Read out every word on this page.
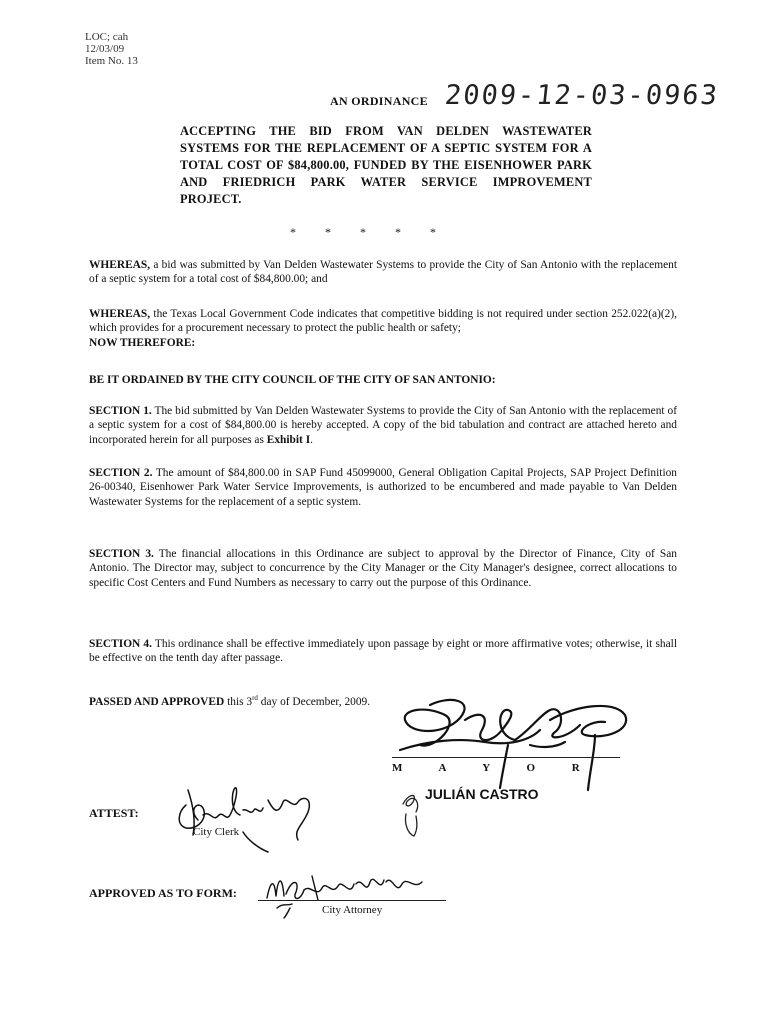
LOC; cah
12/03/09
Item No. 13
AN ORDINANCE 2009-12-03-0963
ACCEPTING THE BID FROM VAN DELDEN WASTEWATER SYSTEMS FOR THE REPLACEMENT OF A SEPTIC SYSTEM FOR A TOTAL COST OF $84,800.00, FUNDED BY THE EISENHOWER PARK AND FRIEDRICH PARK WATER SERVICE IMPROVEMENT PROJECT.
* * * * *
WHEREAS, a bid was submitted by Van Delden Wastewater Systems to provide the City of San Antonio with the replacement of a septic system for a total cost of $84,800.00; and
WHEREAS, the Texas Local Government Code indicates that competitive bidding is not required under section 252.022(a)(2), which provides for a procurement necessary to protect the public health or safety;
NOW THEREFORE:
BE IT ORDAINED BY THE CITY COUNCIL OF THE CITY OF SAN ANTONIO:
SECTION 1. The bid submitted by Van Delden Wastewater Systems to provide the City of San Antonio with the replacement of a septic system for a cost of $84,800.00 is hereby accepted. A copy of the bid tabulation and contract are attached hereto and incorporated herein for all purposes as Exhibit I.
SECTION 2. The amount of $84,800.00 in SAP Fund 45099000, General Obligation Capital Projects, SAP Project Definition 26-00340, Eisenhower Park Water Service Improvements, is authorized to be encumbered and made payable to Van Delden Wastewater Systems for the replacement of a septic system.
SECTION 3. The financial allocations in this Ordinance are subject to approval by the Director of Finance, City of San Antonio. The Director may, subject to concurrence by the City Manager or the City Manager's designee, correct allocations to specific Cost Centers and Fund Numbers as necessary to carry out the purpose of this Ordinance.
SECTION 4. This ordinance shall be effective immediately upon passage by eight or more affirmative votes; otherwise, it shall be effective on the tenth day after passage.
PASSED AND APPROVED this 3rd day of December, 2009.
M A Y O R
JULIÁN CASTRO
ATTEST:
City Clerk
APPROVED AS TO FORM:
City Attorney
